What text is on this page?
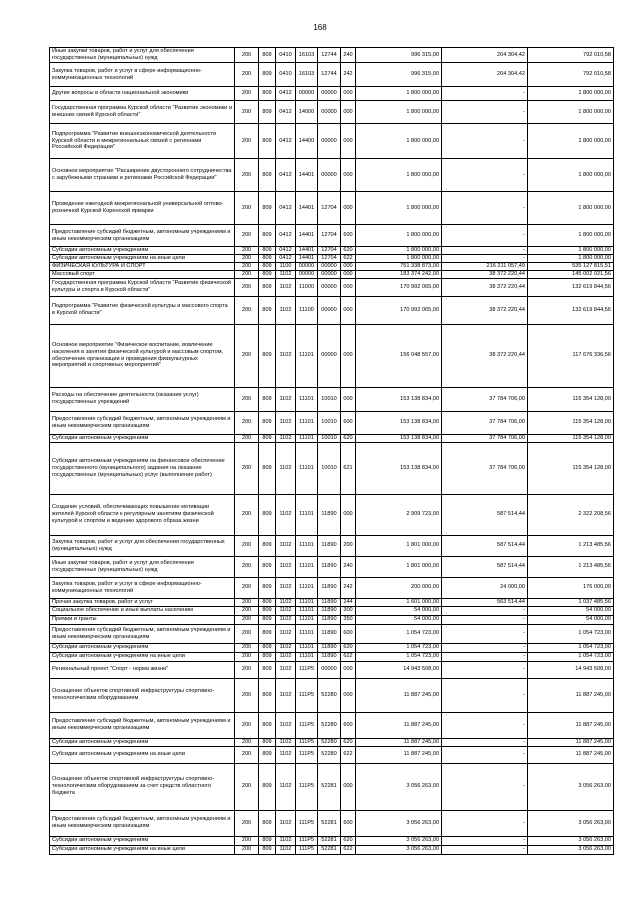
168
Иные закупки товаров, работ и услуг для обеспечения государственных (муниципальных) нужд	200	809	0410	16103	12744	240	996 315,00	204 304,42	792 010,58
Закупка товаров, работ и услуг в сфере информационно-коммуникационных технологий	200	809	0410	16103	12744	242	996 315,00	204 304,42	792 010,58
Другие вопросы в области национальной экономики	200	809	0412	00000	00000	000	1 800 000,00	-	1 800 000,00
Государственная программа Курской области "Развитие экономики и внешних связей Курской области"	200	809	0412	14000	00000	000	1 800 000,00	-	1 800 000,00
Подпрограмма "Развитие внешнеэкономической деятельности Курской области и межрегиональных связей с регионами Российской Федерации"	200	809	0412	14400	00000	000	1 800 000,00	-	1 800 000,00
Основное мероприятие "Расширение двустороннего сотрудничества с зарубежными странами и регионами Российской Федерации"	200	809	0412	14401	00000	000	1 800 000,00	-	1 800 000,00
Проведение ежегодной межрегиональной универсальной оптово-розничной Курской Коренской ярмарки	200	809	0412	14401	12704	000	1 800 000,00	-	1 800 000,00
Предоставление субсидий бюджетным, автономным учреждениям и иным некоммерческим организациям	200	809	0412	14401	12704	600	1 800 000,00	-	1 800 000,00
Субсидии автономным учреждениям	200	809	0412	14401	12704	620	1 800 000,00	-	1 800 000,00
Субсидии автономным учреждениям на иные цели	200	809	0412	14401	12704	622	1 800 000,00	-	1 800 000,00
ФИЗИЧЕСКАЯ КУЛЬТУРА И СПОРТ	200	809	1100	00000	00000	000	751 338 873,00	216 211 057,49	535 127 815,51
Массовый спорт	200	809	1102	00000	00000	000	183 374 242,00	38 372 220,44	145 002 021,56
Государственная программа Курской области "Развитие физической культуры и спорта в Курской области"	200	809	1102	11000	00000	000	170 992 065,00	38 372 220,44	132 619 844,56
Подпрограмма "Развитие физической культуры и массового спорта в Курской области"	200	809	1102	11100	00000	000	170 992 065,00	38 372 220,44	132 619 844,56
Основное мероприятие "Физическое воспитание, вовлечение населения в занятия физической культурой и массовым спортом, обеспечение организации и проведения физкультурных мероприятий и спортивных мероприятий"	200	809	1102	11101	00000	000	156 048 557,00	38 372 220,44	117 676 336,56
Расходы на обеспечение деятельности (оказание услуг) государственных учреждений	200	809	1102	11101	10010	000	153 138 834,00	37 784 706,00	115 354 128,00
Предоставление субсидий бюджетным, автономным учреждениям и иным некоммерческим организациям	200	809	1102	11101	10010	600	153 138 834,00	37 784 706,00	115 354 128,00
Субсидии автономным учреждениям	200	809	1102	11101	10010	620	153 138 834,00	37 784 706,00	115 354 128,00
Субсидии автономным учреждениям на финансовое обеспечение государственного (муниципального) задания на оказание государственных (муниципальных) услуг (выполнение работ)	200	809	1102	11101	10010	621	153 138 834,00	37 784 706,00	115 354 128,00
Создание условий, обеспечивающих повышение мотивации жителей Курской области к регулярным занятиям физической культурой и спортом и ведению здорового образа жизни	200	809	1102	11101	11890	000	2 909 723,00	587 514,44	2 322 208,56
Закупка товаров, работ и услуг для обеспечения государственных (муниципальных) нужд	200	809	1102	11101	11890	200	1 801 000,00	587 514,44	1 213 485,56
Иные закупки товаров, работ и услуг для обеспечения государственных (муниципальных) нужд	200	809	1102	11101	11890	240	1 801 000,00	587 514,44	1 213 485,56
Закупка товаров, работ и услуг в сфере информационно-коммуникационных технологий	200	809	1102	11101	11890	242	200 000,00	24 000,00	176 000,00
Прочая закупка товаров, работ и услуг	200	809	1102	11101	11890	244	1 601 000,00	563 514,44	1 037 485,56
Социальное обеспечение и иные выплаты населению	200	809	1102	11101	11890	300	54 000,00	-	54 000,00
Премии и гранты	200	809	1102	11101	11890	350	54 000,00	-	54 000,00
Предоставление субсидий бюджетным, автономным учреждениям и иным некоммерческим организациям	200	809	1102	11101	11890	600	1 054 723,00	-	1 054 723,00
Субсидии автономным учреждениям	200	809	1102	11101	11890	620	1 054 723,00	-	1 054 723,00
Субсидии автономным учреждениям на иные цели	200	809	1102	11101	11890	622	1 054 723,00	-	1 054 723,00
Региональный проект "Спорт - норма жизни"	200	809	1102	111P5	00000	000	14 943 508,00	-	14 943 508,00
Оснащение объектов спортивной инфраструктуры спортивно-технологическим оборудованием	200	809	1102	111P5	52280	000	11 887 245,00	-	11 887 245,00
Предоставление субсидий бюджетным, автономным учреждениям и иным некоммерческим организациям	200	809	1102	111P5	52280	600	11 887 245,00	-	11 887 245,00
Субсидии автономным учреждениям	200	809	1102	111P5	52280	620	11 887 245,00	-	11 887 245,00
Субсидии автономным учреждениям на иные цели	200	809	1102	111P5	52280	622	11 887 245,00	-	11 887 245,00
Оснащение объектов спортивной инфраструктуры спортивно-технологическим оборудованием за счет средств областного бюджета	200	809	1102	111P5	52281	000	3 056 263,00	-	3 056 263,00
Предоставление субсидий бюджетным, автономным учреждениям и иным некоммерческим организациям	200	809	1102	111P5	52281	600	3 056 263,00	-	3 056 263,00
Субсидии автономным учреждениям	200	809	1102	111P5	52281	620	3 056 263,00	-	3 056 263,00
Субсидии автономным учреждениям на иные цели	200	809	1102	111P5	52281	622	3 056 263,00	-	3 056 263,00
